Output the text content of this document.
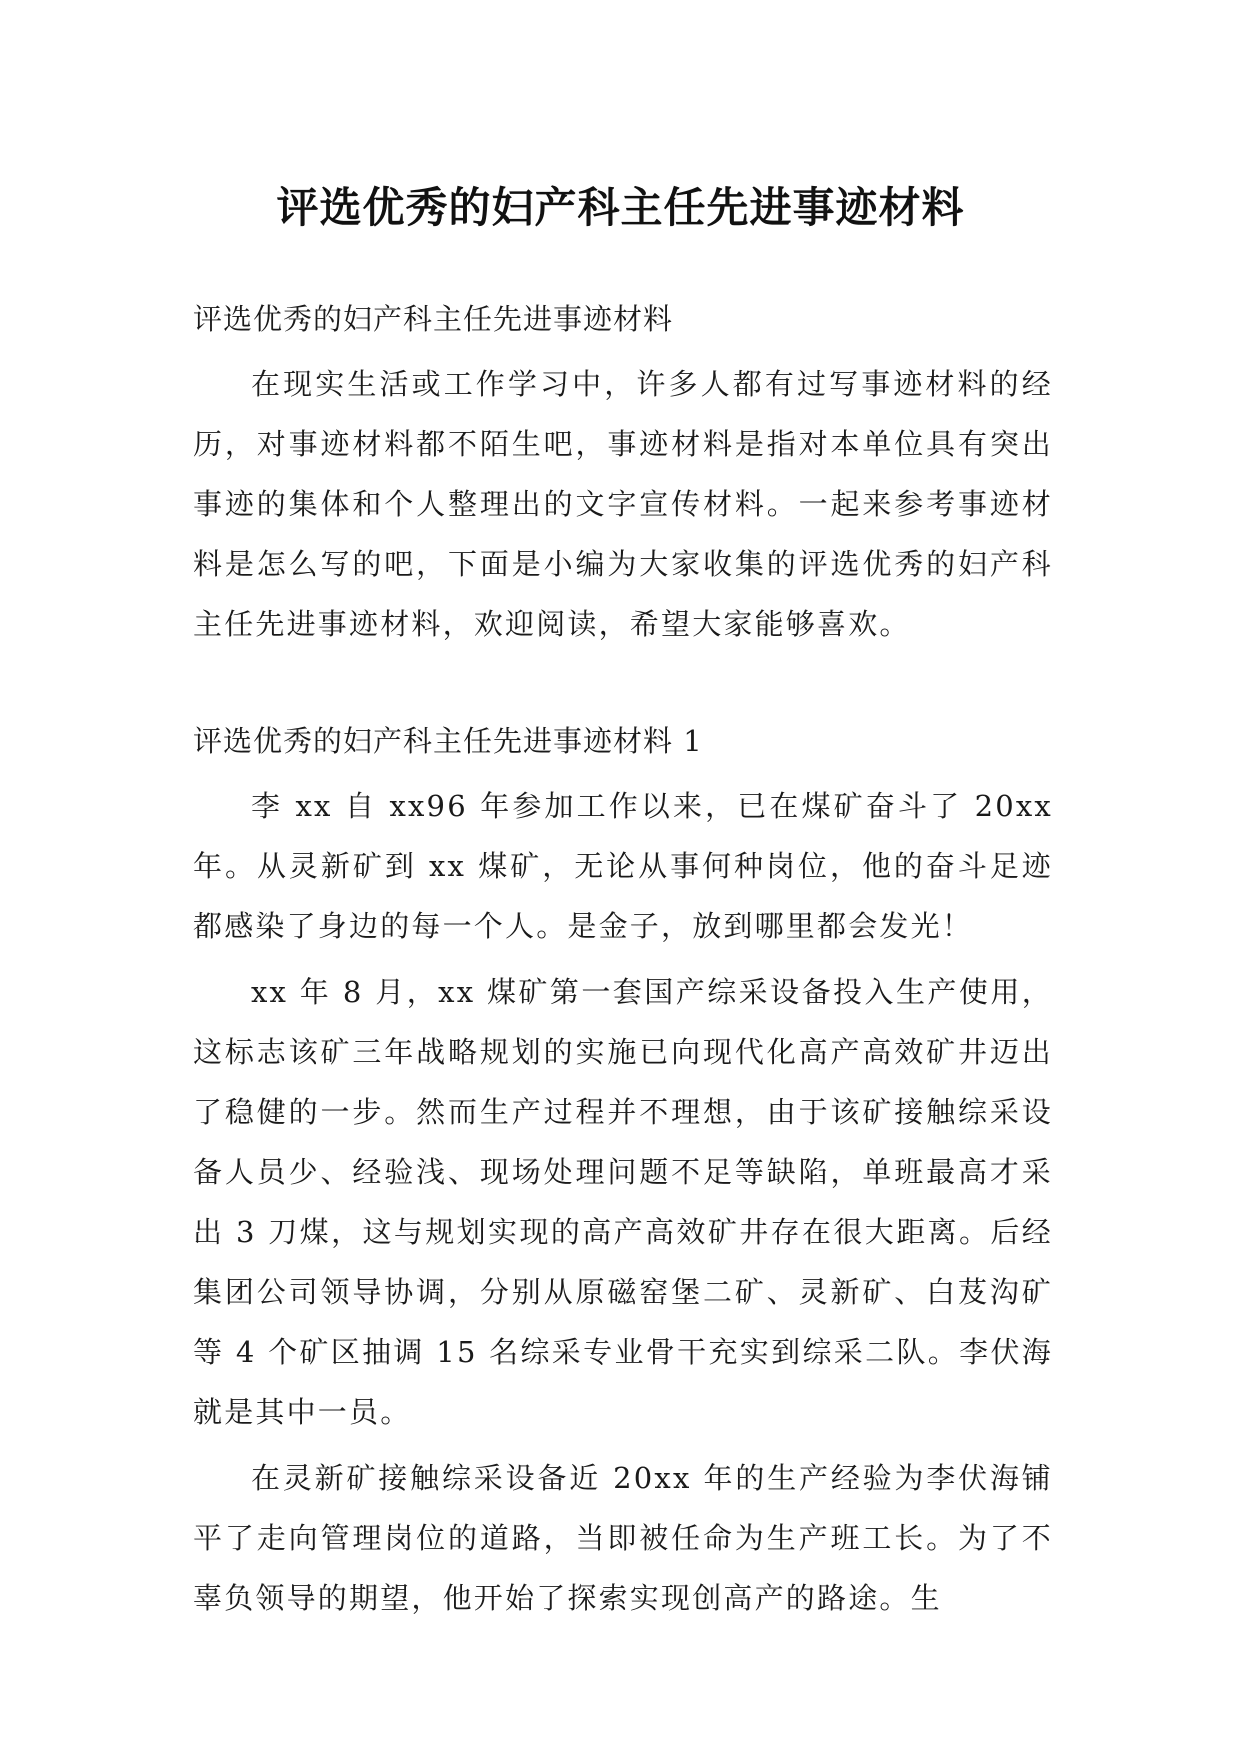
评选优秀的妇产科主任先进事迹材料

评选优秀的妇产科主任先进事迹材料

在现实生活或工作学习中，许多人都有过写事迹材料的经历，对事迹材料都不陌生吧，事迹材料是指对本单位具有突出事迹的集体和个人整理出的文字宣传材料。一起来参考事迹材料是怎么写的吧，下面是小编为大家收集的评选优秀的妇产科主任先进事迹材料，欢迎阅读，希望大家能够喜欢。

评选优秀的妇产科主任先进事迹材料 1

李 xx 自 xx96 年参加工作以来，已在煤矿奋斗了 20xx 年。从灵新矿到 xx 煤矿，无论从事何种岗位，他的奋斗足迹都感染了身边的每一个人。是金子，放到哪里都会发光！

xx 年 8 月，xx 煤矿第一套国产综采设备投入生产使用，这标志该矿三年战略规划的实施已向现代化高产高效矿井迈出了稳健的一步。然而生产过程并不理想，由于该矿接触综采设备人员少、经验浅、现场处理问题不足等缺陷，单班最高才采出 3 刀煤，这与规划实现的高产高效矿井存在很大距离。后经集团公司领导协调，分别从原磁窑堡二矿、灵新矿、白芨沟矿等 4 个矿区抽调 15 名综采专业骨干充实到综采二队。李伏海就是其中一员。

在灵新矿接触综采设备近 20xx 年的生产经验为李伏海铺平了走向管理岗位的道路，当即被任命为生产班工长。为了不辜负领导的期望，他开始了探索实现创高产的路途。生
